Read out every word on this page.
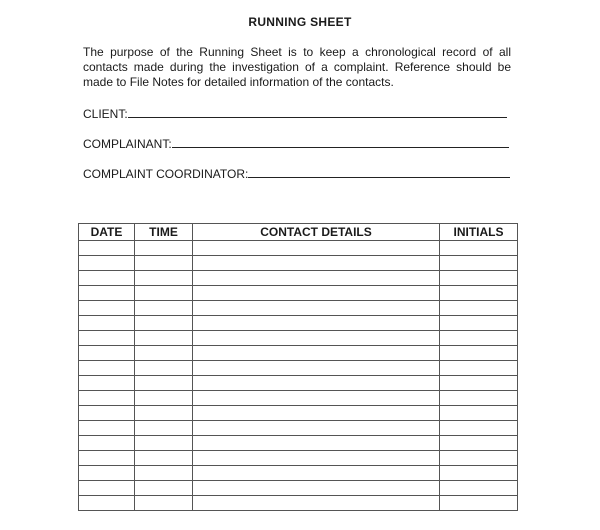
RUNNING SHEET
The purpose of the Running Sheet is to keep a chronological record of all
contacts made during the investigation of a complaint. Reference should be
made to File Notes for detailed information of the contacts.
CLIENT:
COMPLAINANT:
COMPLAINT COORDINATOR:
DATE	TIME	CONTACT DETAILS	INITIALS
